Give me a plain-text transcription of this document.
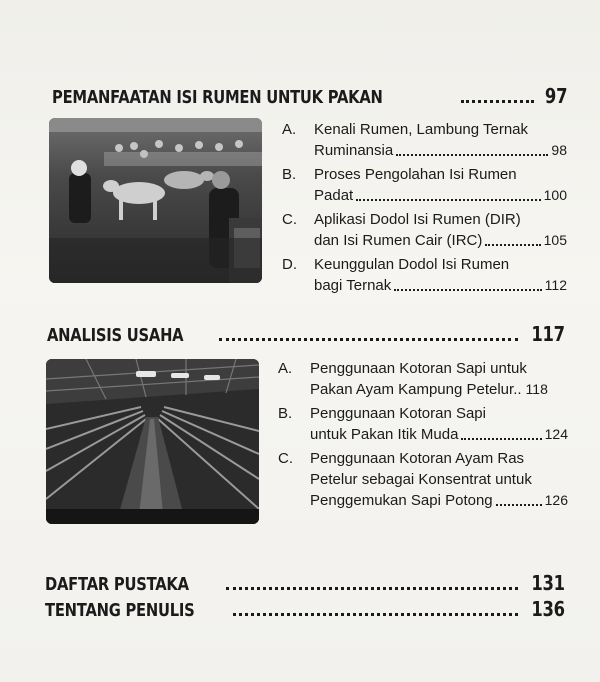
PEMANFAATAN ISI RUMEN UNTUK PAKAN	97
A.	Kenali Rumen, Lambung Ternak
Ruminansia	98
B.	Proses Pengolahan Isi Rumen
Padat	100
C.	Aplikasi Dodol Isi Rumen (DIR)
dan Isi Rumen Cair (IRC)	105
D.	Keunggulan Dodol Isi Rumen
bagi Ternak	112
ANALISIS USAHA	117
A.	Penggunaan Kotoran Sapi untuk
Pakan Ayam Kampung Petelur.. 118
B.	Penggunaan Kotoran Sapi
untuk Pakan Itik Muda	124
C.	Penggunaan Kotoran Ayam Ras
Petelur sebagai Konsentrat untuk
Penggemukan Sapi Potong	126
DAFTAR PUSTAKA	131
TENTANG PENULIS	136
